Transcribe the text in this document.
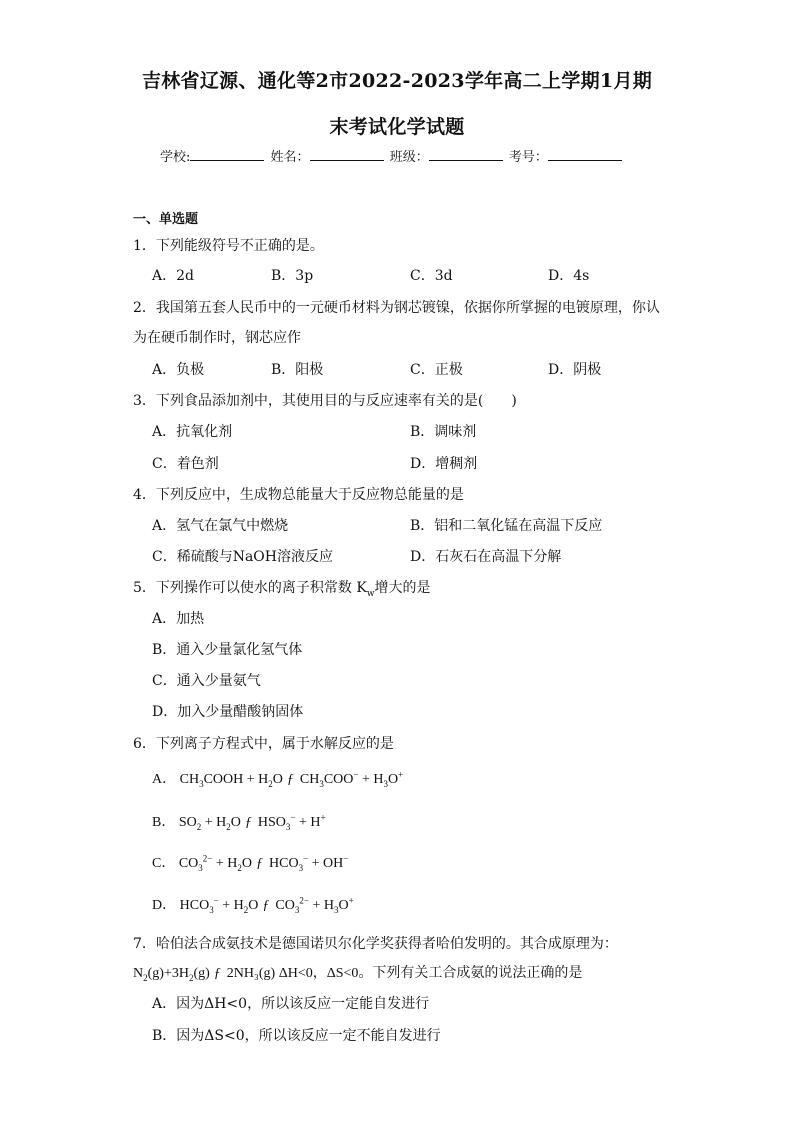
吉林省辽源、通化等2市2022-2023学年高二上学期1月期
末考试化学试题
学校:	姓名：	班级：	考号：
一、单选题
1．下列能级符号不正确的是。
A．2d	B．3p	C．3d	D．4s
2．我国第五套人民币中的一元硬币材料为钢芯镀镍，依据你所掌握的电镀原理，你认
为在硬币制作时，钢芯应作
A．负极	B．阳极	C．正极	D．阴极
3．下列食品添加剂中，其使用目的与反应速率有关的是(　　)
A．抗氧化剂	B．调味剂
C．着色剂	D．增稠剂
4．下列反应中，生成物总能量大于反应物总能量的是
A．氢气在氯气中燃烧	B．铝和二氧化锰在高温下反应
C．稀硫酸与NaOH溶液反应	D．石灰石在高温下分解
5．下列操作可以使水的离子积常数 $K_w$增大的是
A．加热
B．通入少量氯化氢气体
C．通入少量氨气
D．加入少量醋酸钠固体
6．下列离子方程式中，属于水解反应的是
A． $CH_3COOH + H_2O$ ƒ $CH_3COO^- + H_3O^+$
B． $SO_2 + H_2O$ ƒ $HSO_3^- + H^+$
C． $CO_3^{2-} + H_2O$ ƒ $HCO_3^- + OH^-$
D． $HCO_3^- + H_2O$ ƒ $CO_3^{2-} + H_3O^+$
7．哈伯法合成氨技术是德国诺贝尔化学奖获得者哈伯发明的。其合成原理为：
$N_2(g)+3H_2(g)$ ƒ 2NH₃(g) ΔH<0，ΔS<0。下列有关工合成氨的说法正确的是
A．因为ΔH<0，所以该反应一定能自发进行
B．因为ΔS<0，所以该反应一定不能自发进行
